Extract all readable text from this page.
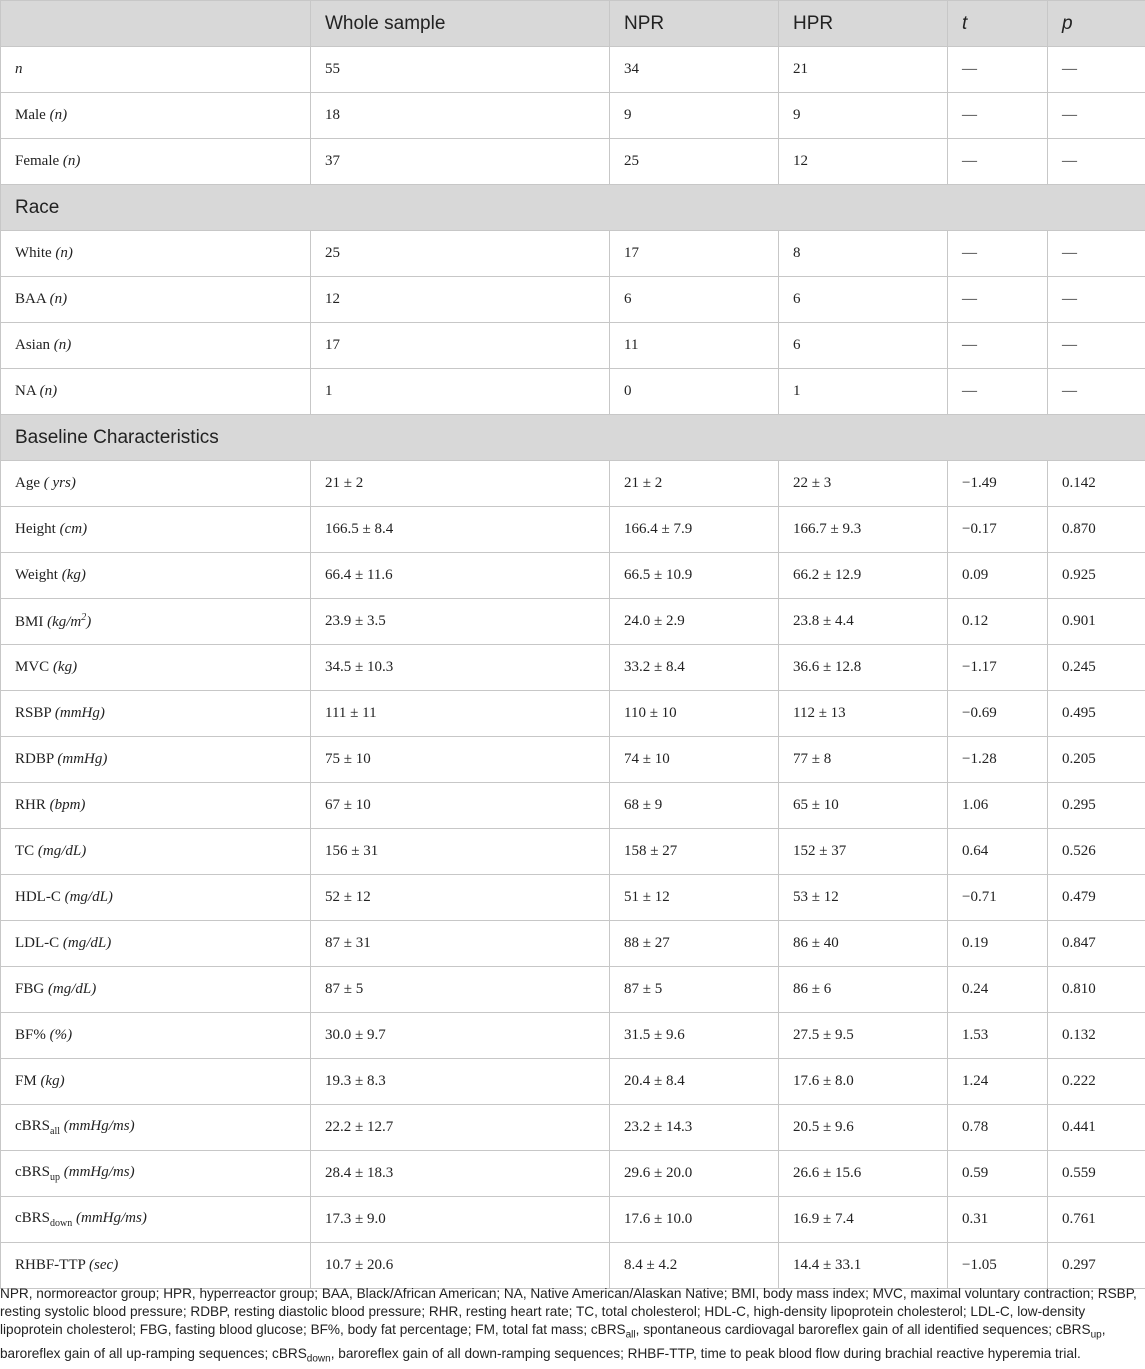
	Whole sample	NPR	HPR	t	p
n	55	34	21	—	—
Male (n)	18	9	9	—	—
Female (n)	37	25	12	—	—
Race					
White (n)	25	17	8	—	—
BAA (n)	12	6	6	—	—
Asian (n)	17	11	6	—	—
NA (n)	1	0	1	—	—
Baseline Characteristics					
Age ( yrs)	21 ± 2	21 ± 2	22 ± 3	−1.49	0.142
Height (cm)	166.5 ± 8.4	166.4 ± 7.9	166.7 ± 9.3	−0.17	0.870
Weight (kg)	66.4 ± 11.6	66.5 ± 10.9	66.2 ± 12.9	0.09	0.925
BMI $(kg/m^2)$	23.9 ± 3.5	24.0 ± 2.9	23.8 ± 4.4	0.12	0.901
MVC (kg)	34.5 ± 10.3	33.2 ± 8.4	36.6 ± 12.8	−1.17	0.245
RSBP (mmHg)	111 ± 11	110 ± 10	112 ± 13	−0.69	0.495
RDBP (mmHg)	75 ± 10	74 ± 10	77 ± 8	−1.28	0.205
RHR (bpm)	67 ± 10	68 ± 9	65 ± 10	1.06	0.295
TC (mg/dL)	156 ± 31	158 ± 27	152 ± 37	0.64	0.526
HDL-C (mg/dL)	52 ± 12	51 ± 12	53 ± 12	−0.71	0.479
LDL-C (mg/dL)	87 ± 31	88 ± 27	86 ± 40	0.19	0.847
FBG (mg/dL)	87 ± 5	87 ± 5	86 ± 6	0.24	0.810
BF% (%)	30.0 ± 9.7	31.5 ± 9.6	27.5 ± 9.5	1.53	0.132
FM (kg)	19.3 ± 8.3	20.4 ± 8.4	17.6 ± 8.0	1.24	0.222
cBRS$_{all}$ (mmHg/ms)	22.2 ± 12.7	23.2 ± 14.3	20.5 ± 9.6	0.78	0.441
cBRS$_{up}$ (mmHg/ms)	28.4 ± 18.3	29.6 ± 20.0	26.6 ± 15.6	0.59	0.559
cBRS$_{down}$ (mmHg/ms)	17.3 ± 9.0	17.6 ± 10.0	16.9 ± 7.4	0.31	0.761
RHBF-TTP (sec)	10.7 ± 20.6	8.4 ± 4.2	14.4 ± 33.1	−1.05	0.297
NPR, normoreactor group; HPR, hyperreactor group; BAA, Black/African American; NA, Native American/Alaskan Native; BMI, body mass index; MVC, maximal voluntary contraction; RSBP, resting systolic blood pressure; RDBP, resting diastolic blood pressure; RHR, resting heart rate; TC, total cholesterol; HDL-C, high-density lipoprotein cholesterol; LDL-C, low-density lipoprotein cholesterol; FBG, fasting blood glucose; BF%, body fat percentage; FM, total fat mass; cBRS$_{all}$, spontaneous cardiovagal baroreflex gain of all identified sequences; cBRS$_{up}$, baroreflex gain of all up-ramping sequences; cBRS$_{down}$, baroreflex gain of all down-ramping sequences; RHBF-TTP, time to peak blood flow during brachial reactive hyperemia trial.
